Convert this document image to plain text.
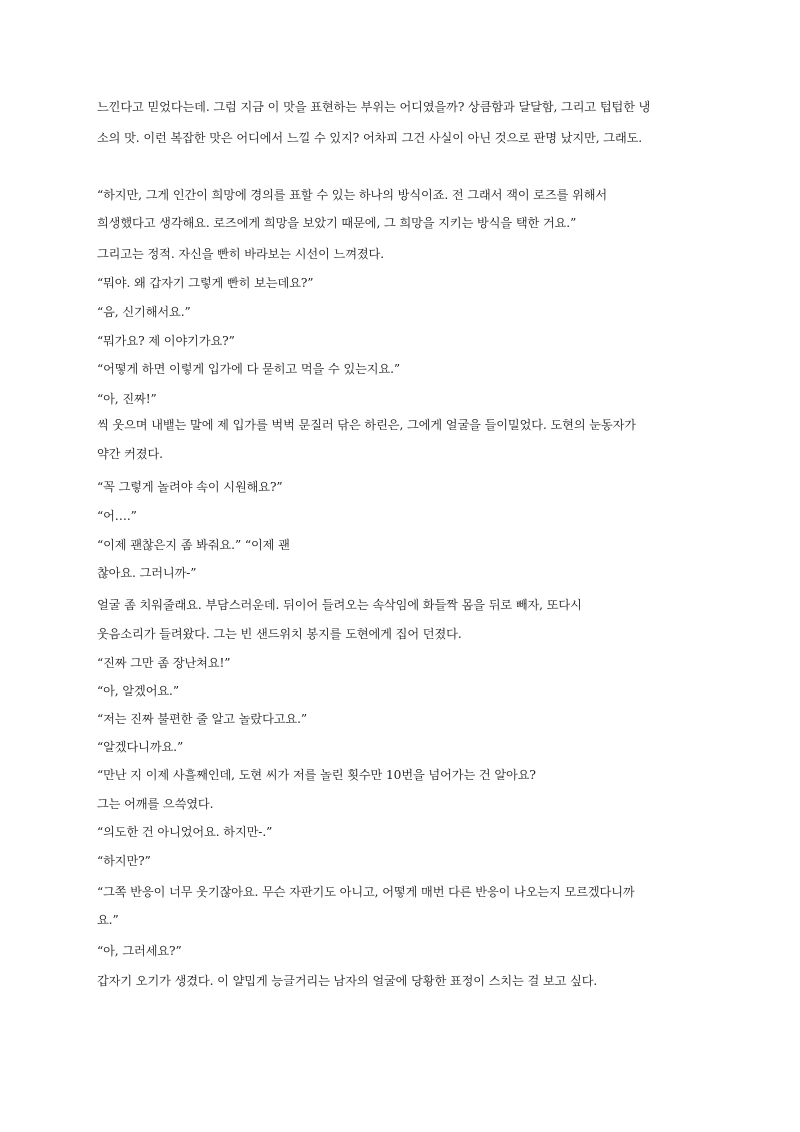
느낀다고 믿었다는데. 그럼 지금 이 맛을 표현하는 부위는 어디였을까? 상큼함과 달달함, 그리고 텁텁한 냉
소의 맛. 이런 복잡한 맛은 어디에서 느낄 수 있지? 어차피 그건 사실이 아닌 것으로 판명 났지만, 그래도.
“하지만, 그게 인간이 희망에 경의를 표할 수 있는 하나의 방식이죠. 전 그래서 잭이 로즈를 위해서
희생했다고 생각해요. 로즈에게 희망을 보았기 때문에, 그 희망을 지키는 방식을 택한 거요.”
그리고는 정적. 자신을 빤히 바라보는 시선이 느껴졌다.
“뭐야. 왜 갑자기 그렇게 빤히 보는데요?”
“음, 신기해서요.”
“뭐가요? 제 이야기가요?”
“어떻게 하면 이렇게 입가에 다 묻히고 먹을 수 있는지요.”
“아, 진짜!”
씩 웃으며 내뱉는 말에 제 입가를 벅벅 문질러 닦은 하린은, 그에게 얼굴을 들이밀었다. 도현의 눈동자가
약간 커졌다.
“꼭 그렇게 놀려야 속이 시원해요?”
“어….”
“이제 괜찮은지 좀 봐줘요.” “이제 괜
찮아요. 그러니까-”
얼굴 좀 치워줄래요. 부담스러운데. 뒤이어 들려오는 속삭임에 화들짝 몸을 뒤로 빼자, 또다시
웃음소리가 들려왔다. 그는 빈 샌드위치 봉지를 도현에게 집어 던졌다.
“진짜 그만 좀 장난쳐요!”
“아, 알겠어요.”
“저는 진짜 불편한 줄 알고 놀랐다고요.”
“알겠다니까요.”
“만난 지 이제 사흘째인데, 도현 씨가 저를 놀린 횟수만 10번을 넘어가는 건 알아요?
그는 어깨를 으쓱였다.
“의도한 건 아니었어요. 하지만-.”
“하지만?”
“그쪽 반응이 너무 웃기잖아요. 무슨 자판기도 아니고, 어떻게 매번 다른 반응이 나오는지 모르겠다니까
요.”
“아, 그러세요?”
갑자기 오기가 생겼다. 이 얄밉게 능글거리는 남자의 얼굴에 당황한 표정이 스치는 걸 보고 싶다.
